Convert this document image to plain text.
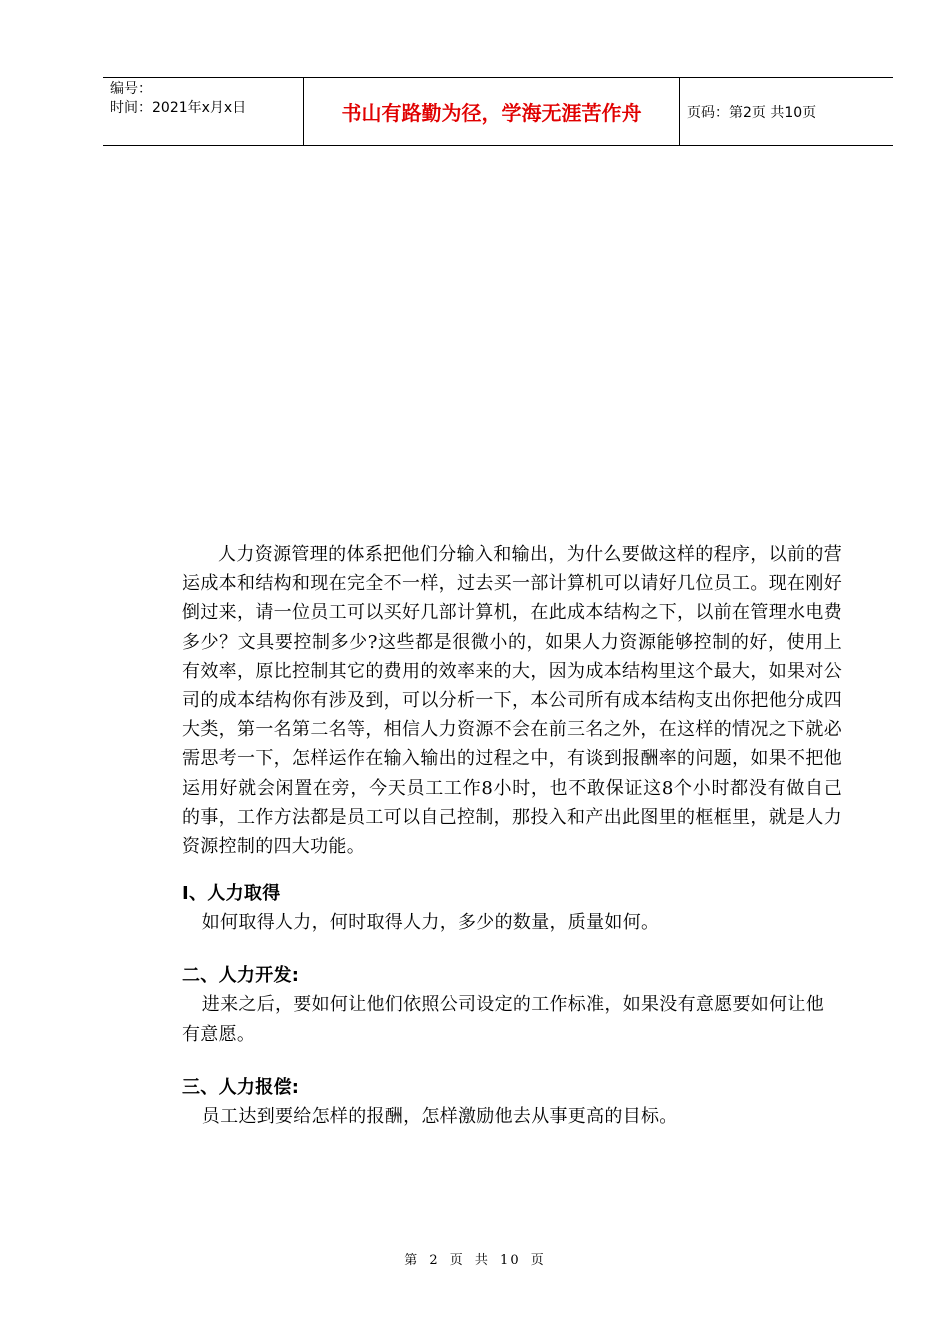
编号：
时间：2021年x月x日	书山有路勤为径，学海无涯苦作舟	页码：第2页 共10页

人力资源管理的体系把他们分输入和输出，为什么要做这样的程序，以前的营运成本和结构和现在完全不一样，过去买一部计算机可以请好几位员工。现在刚好倒过来，请一位员工可以买好几部计算机，在此成本结构之下，以前在管理水电费多少？文具要控制多少?这些都是很微小的，如果人力资源能够控制的好，使用上有效率，原比控制其它的费用的效率来的大，因为成本结构里这个最大，如果对公司的成本结构你有涉及到，可以分析一下，本公司所有成本结构支出你把他分成四大类，第一名第二名等，相信人力资源不会在前三名之外，在这样的情况之下就必需思考一下，怎样运作在输入输出的过程之中，有谈到报酬率的问题，如果不把他运用好就会闲置在旁，今天员工工作8小时，也不敢保证这8个小时都没有做自己的事，工作方法都是员工可以自己控制，那投入和产出此图里的框框里，就是人力资源控制的四大功能。

Ⅰ、人力取得
如何取得人力，何时取得人力，多少的数量，质量如何。
二、人力开发:
进来之后，要如何让他们依照公司设定的工作标准，如果没有意愿要如何让他有意愿。
三、人力报偿:
员工达到要给怎样的报酬，怎样激励他去从事更高的目标。
第 2 页 共 10 页
